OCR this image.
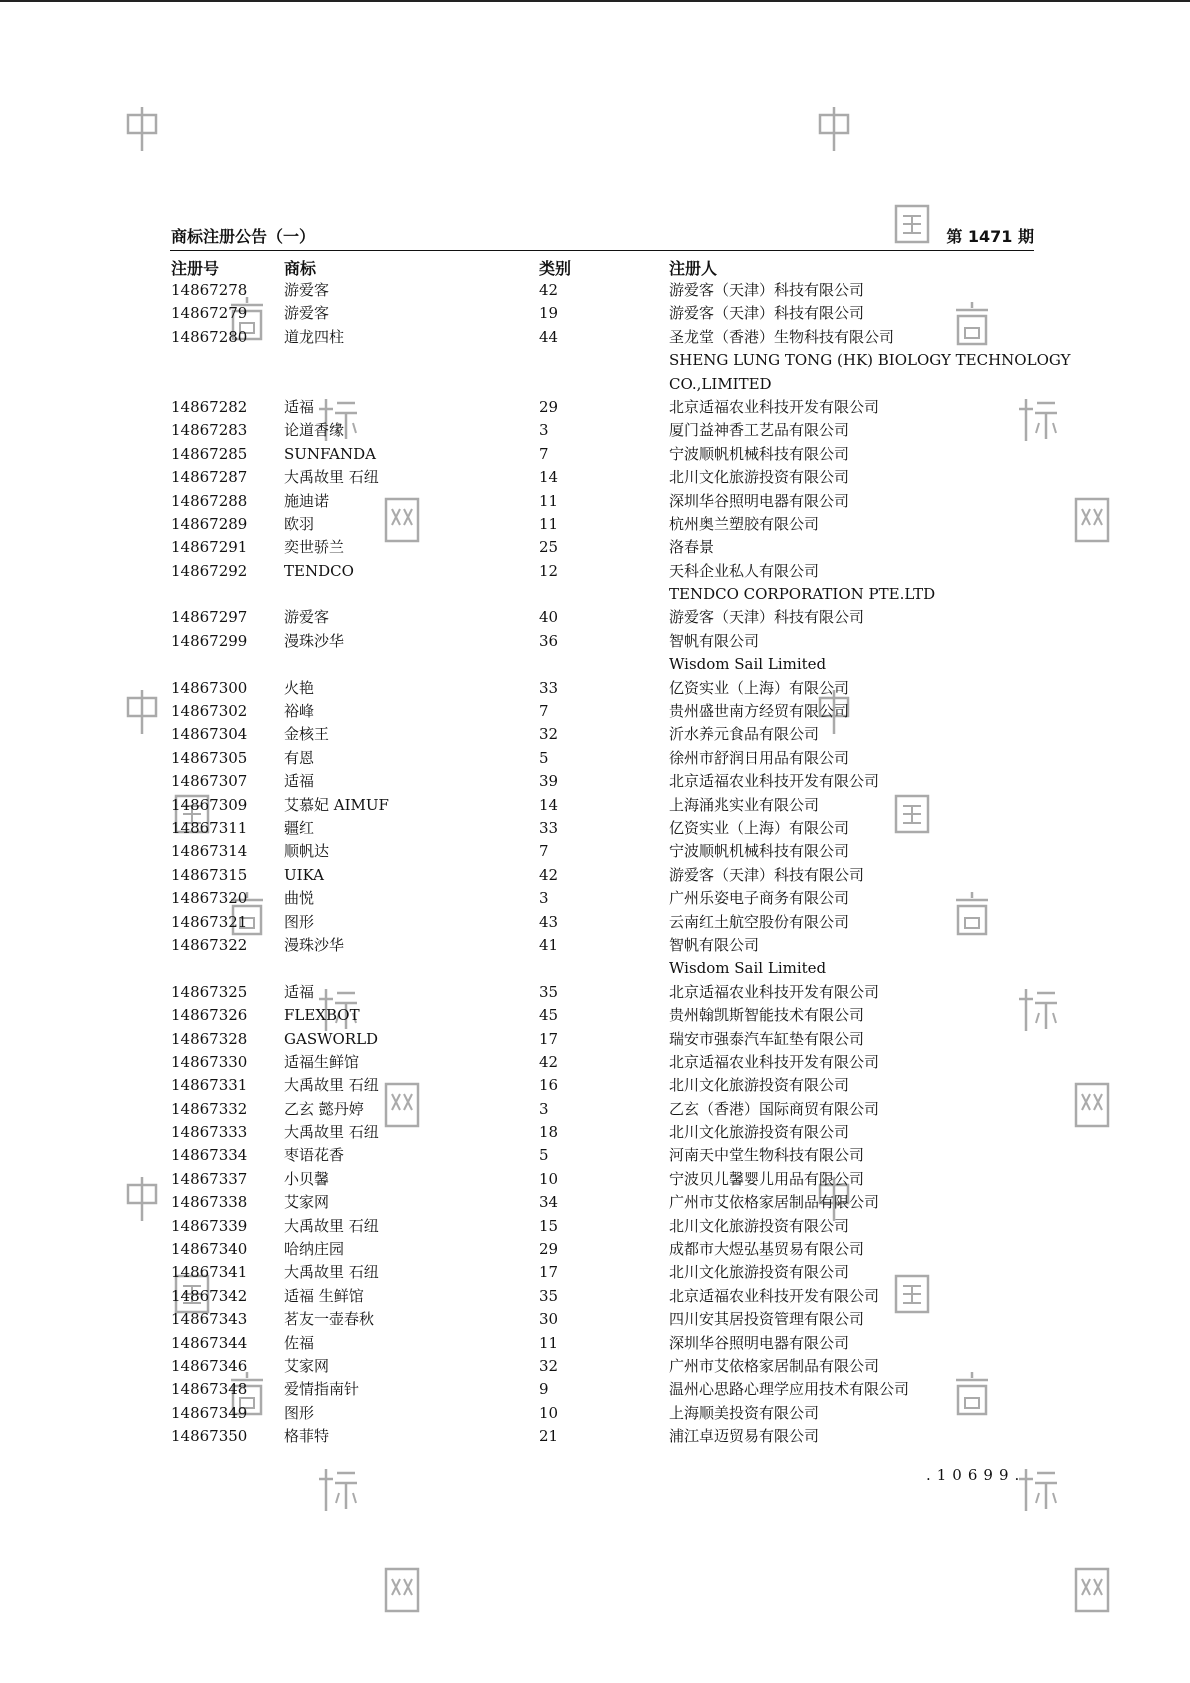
商标注册公告（一）	第 1471 期
注册号	商标	类别	注册人
14867278 游爱客	42	游爱客（天津）科技有限公司
14867279 游爱客	19	游爱客（天津）科技有限公司
14867280 道龙四柱	44	圣龙堂（香港）生物科技有限公司
SHENG LUNG TONG (HK) BIOLOGY TECHNOLOGY
CO.,LIMITED
14867282 适福	29	北京适福农业科技开发有限公司
14867283 论道香缘	3	厦门益神香工艺品有限公司
14867285 SUNFANDA	7	宁波顺帆机械科技有限公司
14867287 大禹故里 石纽	14	北川文化旅游投资有限公司
14867288 施迪诺	11	深圳华谷照明电器有限公司
14867289 欧羽	11	杭州奥兰塑胶有限公司
14867291 奕世骄兰	25	洛春景
14867292 TENDCO	12	天科企业私人有限公司
TENDCO CORPORATION PTE.LTD
14867297 游爱客	40	游爱客（天津）科技有限公司
14867299 漫珠沙华	36	智帆有限公司
Wisdom Sail Limited
14867300 火艳	33	亿资实业（上海）有限公司
14867302 裕峰	7	贵州盛世南方经贸有限公司
14867304 金核王	32	沂水养元食品有限公司
14867305 有恩	5	徐州市舒润日用品有限公司
14867307 适福	39	北京适福农业科技开发有限公司
14867309 艾慕妃 AIMUF	14	上海涌兆实业有限公司
14867311 疆红	33	亿资实业（上海）有限公司
14867314 顺帆达	7	宁波顺帆机械科技有限公司
14867315 UIKA	42	游爱客（天津）科技有限公司
14867320 曲悦	3	广州乐姿电子商务有限公司
14867321 图形	43	云南红土航空股份有限公司
14867322 漫珠沙华	41	智帆有限公司
Wisdom Sail Limited
14867325 适福	35	北京适福农业科技开发有限公司
14867326 FLEXBOT	45	贵州翰凯斯智能技术有限公司
14867328 GASWORLD	17	瑞安市强泰汽车缸垫有限公司
14867330 适福生鲜馆	42	北京适福农业科技开发有限公司
14867331 大禹故里 石纽	16	北川文化旅游投资有限公司
14867332 乙玄 懿丹婷	3	乙玄（香港）国际商贸有限公司
14867333 大禹故里 石纽	18	北川文化旅游投资有限公司
14867334 枣语花香	5	河南天中堂生物科技有限公司
14867337 小贝馨	10	宁波贝儿馨婴儿用品有限公司
14867338 艾家网	34	广州市艾依格家居制品有限公司
14867339 大禹故里 石纽	15	北川文化旅游投资有限公司
14867340 哈纳庄园	29	成都市大煜弘基贸易有限公司
14867341 大禹故里 石纽	17	北川文化旅游投资有限公司
14867342 适福 生鲜馆	35	北京适福农业科技开发有限公司
14867343 茗友一壶春秋	30	四川安其居投资管理有限公司
14867344 佐福	11	深圳华谷照明电器有限公司
14867346 艾家网	32	广州市艾依格家居制品有限公司
14867348 爱情指南针	9	温州心思路心理学应用技术有限公司
14867349 图形	10	上海顺美投资有限公司
14867350 格菲特	21	浦江卓迈贸易有限公司
.10699.
